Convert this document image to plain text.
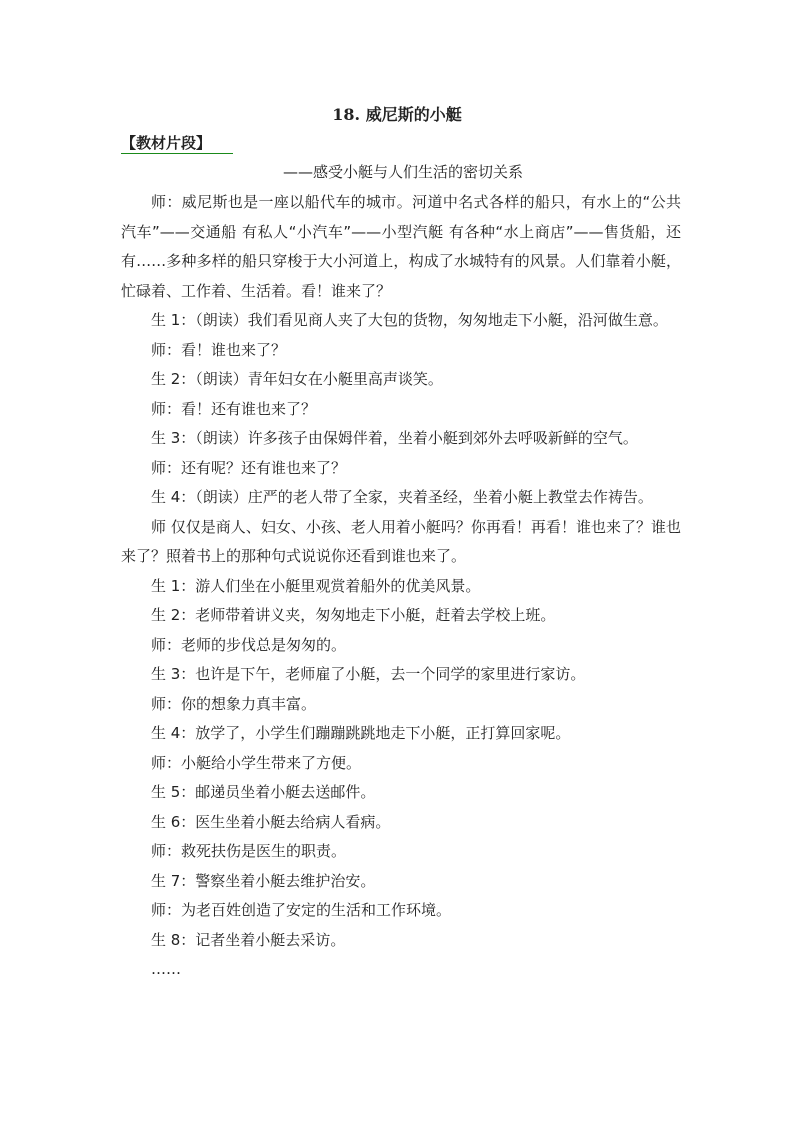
18. 威尼斯的小艇
【教材片段】
——感受小艇与人们生活的密切关系

师：威尼斯也是一座以船代车的城市。河道中名式各样的船只，有水上的“公共汽车”——交通船 有私人“小汽车”——小型汽艇 有各种“水上商店”——售货船，还有……多种多样的船只穿梭于大小河道上，构成了水城特有的风景。人们靠着小艇，忙碌着、工作着、生活着。看！谁来了？

生 1：（朗读）我们看见商人夹了大包的货物，匆匆地走下小艇，沿河做生意。

师：看！谁也来了？

生 2：（朗读）青年妇女在小艇里高声谈笑。

师：看！还有谁也来了？

生 3：（朗读）许多孩子由保姆伴着，坐着小艇到郊外去呼吸新鲜的空气。

师：还有呢？还有谁也来了？

生 4：（朗读）庄严的老人带了全家，夹着圣经，坐着小艇上教堂去作祷告。

师 仅仅是商人、妇女、小孩、老人用着小艇吗？你再看！再看！谁也来了？谁也来了？照着书上的那种句式说说你还看到谁也来了。

生 1：游人们坐在小艇里观赏着船外的优美风景。

生 2：老师带着讲义夹，匆匆地走下小艇，赶着去学校上班。

师：老师的步伐总是匆匆的。

生 3：也许是下午，老师雇了小艇，去一个同学的家里进行家访。

师：你的想象力真丰富。

生 4：放学了，小学生们蹦蹦跳跳地走下小艇，正打算回家呢。

师：小艇给小学生带来了方便。

生 5：邮递员坐着小艇去送邮件。

生 6：医生坐着小艇去给病人看病。

师：救死扶伤是医生的职责。

生 7：警察坐着小艇去维护治安。

师：为老百姓创造了安定的生活和工作环境。

生 8：记者坐着小艇去采访。

……
